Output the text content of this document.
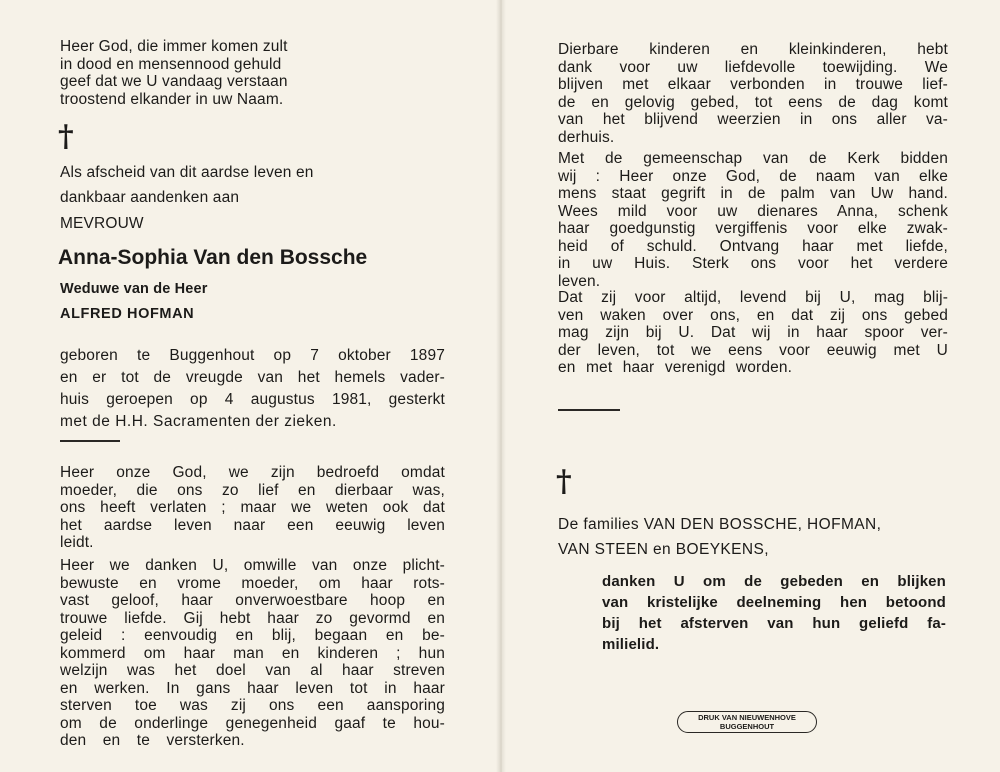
Heer God, die immer komen zult
in dood en mensennood gehuld
geef dat we U vandaag verstaan
troostend elkander in uw Naam.
†
Als afscheid van dit aardse leven en
dankbaar aandenken aan
MEVROUW
Anna-Sophia Van den Bossche
Weduwe van de Heer
ALFRED HOFMAN
geboren te Buggenhout op 7 oktober 1897
en er tot de vreugde van het hemels vader-
huis geroepen op 4 augustus 1981, gesterkt
met de H.H. Sacramenten der zieken.
Heer onze God, we zijn bedroefd omdat
moeder, die ons zo lief en dierbaar was,
ons heeft verlaten ; maar we weten ook dat
het aardse leven naar een eeuwig leven
leidt.
Heer we danken U, omwille van onze plicht-
bewuste en vrome moeder, om haar rots-
vast geloof, haar onverwoestbare hoop en
trouwe liefde. Gij hebt haar zo gevormd en
geleid : eenvoudig en blij, begaan en be-
kommerd om haar man en kinderen ; hun
welzijn was het doel van al haar streven
en werken. In gans haar leven tot in haar
sterven toe was zij ons een aansporing
om de onderlinge genegenheid gaaf te hou-
den en te versterken.
Dierbare kinderen en kleinkinderen, hebt
dank voor uw liefdevolle toewijding. We
blijven met elkaar verbonden in trouwe lief-
de en gelovig gebed, tot eens de dag komt
van het blijvend weerzien in ons aller va-
derhuis.
Met de gemeenschap van de Kerk bidden
wij : Heer onze God, de naam van elke
mens staat gegrift in de palm van Uw hand.
Wees mild voor uw dienares Anna, schenk
haar goedgunstig vergiffenis voor elke zwak-
heid of schuld. Ontvang haar met liefde,
in uw Huis. Sterk ons voor het verdere
leven.
Dat zij voor altijd, levend bij U, mag blij-
ven waken over ons, en dat zij ons gebed
mag zijn bij U. Dat wij in haar spoor ver-
der leven, tot we eens voor eeuwig met U
en met haar verenigd worden.
†
De families VAN DEN BOSSCHE, HOFMAN,
VAN STEEN en BOEYKENS,
danken U om de gebeden en blijken
van kristelijke deelneming hen betoond
bij het afsterven van hun geliefd fa-
milielid.
DRUK VAN NIEUWENHOVE
BUGGENHOUT
